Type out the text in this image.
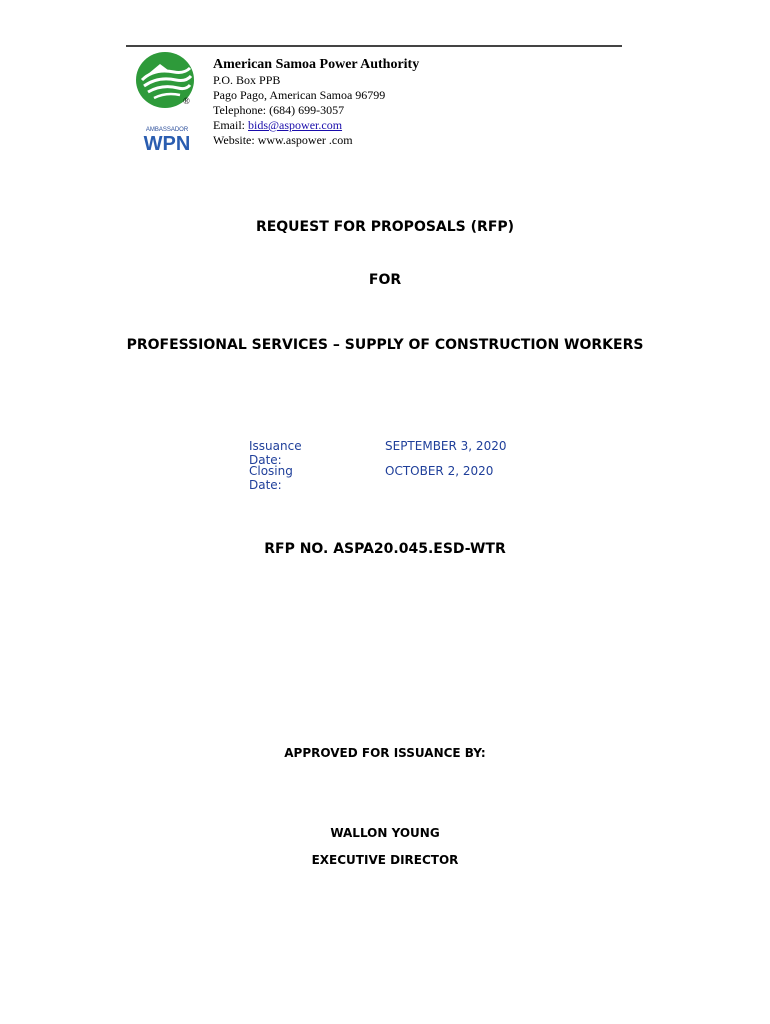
®
AMBASSADOR
WPN
American Samoa Power Authority
P.O. Box PPB
Pago Pago, American Samoa 96799
Telephone: (684) 699-3057
Email: bids@aspower.com
Website: www.aspower .com
REQUEST FOR PROPOSALS (RFP)
FOR
PROFESSIONAL SERVICES – SUPPLY OF CONSTRUCTION WORKERS
Issuance Date:
SEPTEMBER 3, 2020
Closing Date:
OCTOBER 2, 2020
RFP NO. ASPA20.045.ESD-WTR
APPROVED FOR ISSUANCE BY:
WALLON YOUNG
EXECUTIVE DIRECTOR
